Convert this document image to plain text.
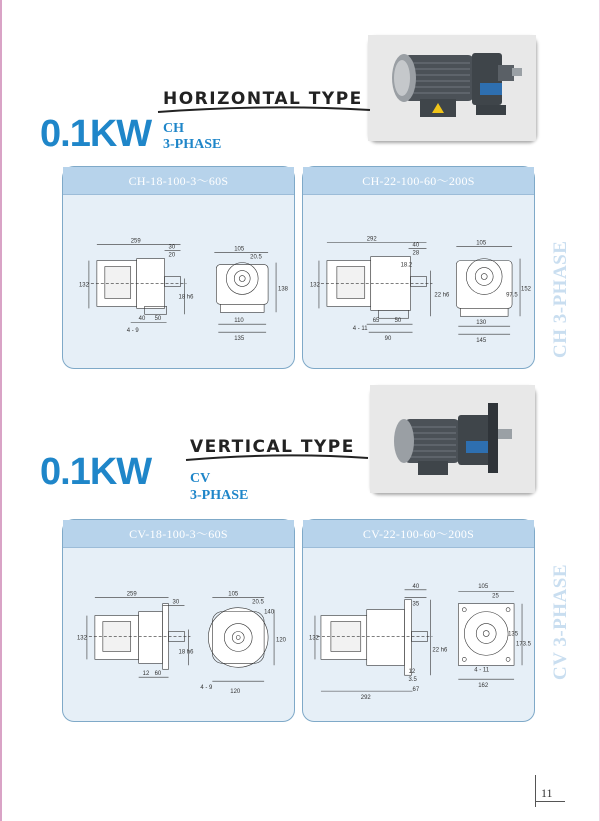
HORIZONTAL TYPE
0.1KW CH
3-PHASE
CH-18-100-3～60S
259
30
20
132
18 h6
40 50
4 - 9
105
20.5
110
135
138
CH-22-100-60～200S
292
40
28
132
18.2
22 h6
65	50
90
4 - 11
105
130
145
152
97.5 CH 3-PHASE
VERTICAL TYPE
0.1KW	CV
3-PHASE
CV-18-100-3～60S
259
30
132
18 h6
12 60
4 - 9
105
20.5
140
120
120
CV-22-100-60～200S
292
40
35
132
22 h6
12
3.5
67
4 - 11
105
25
162
173.5
135 CV 3-PHASE
11
